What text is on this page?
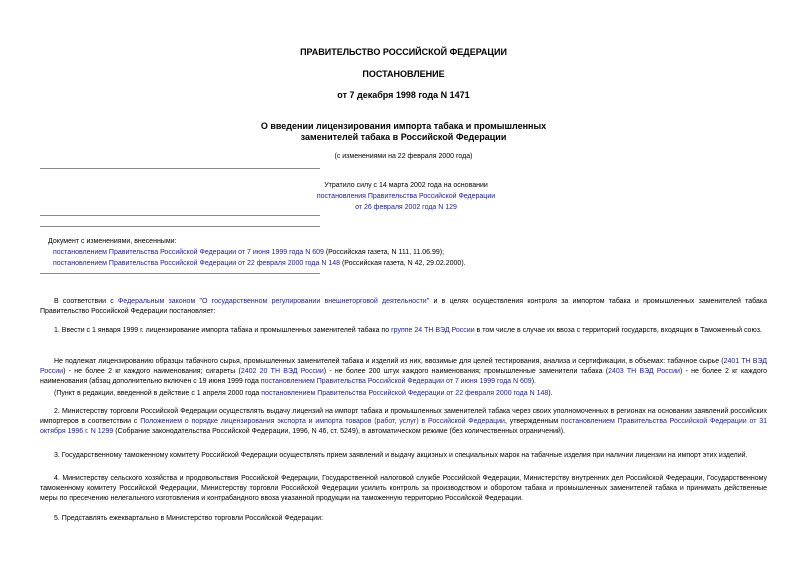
ПРАВИТЕЛЬСТВО РОССИЙСКОЙ ФЕДЕРАЦИИ
ПОСТАНОВЛЕНИЕ
от 7 декабря 1998 года N 1471
О введении лицензирования импорта табака и промышленных
заменителей табака в Российской Федерации
(с изменениями на 22 февраля 2000 года)
Утратило силу с 14 марта 2002 года на основании
постановления Правительства Российской Федерации
от 26 февраля 2002 года N 129
Документ с изменениями, внесенными:
постановлением Правительства Российской Федерации от 7 июня 1999 года N 609 (Российская газета, N 111, 11.06.99);
постановлением Правительства Российской Федерации от 22 февраля 2000 года N 148 (Российская газета, N 42, 29.02.2000).
В соответствии с Федеральным законом "О государственном регулировании внешнеторговой деятельности" и в целях осуществления контроля за импортом табака и промышленных заменителей табака Правительство Российской Федерации постановляет:
1. Ввести с 1 января 1999 г. лицензирование импорта табака и промышленных заменителей табака по группе 24 ТН ВЭД России в том числе в случае их ввоза с территорий государств, входящих в Таможенный союз.
Не подлежат лицензированию образцы табачного сырья, промышленных заменителей табака и изделий из них, ввозимые для целей тестирования, анализа и сертификации, в объемах: табачное сырье (2401 ТН ВЭД России) - не более 2 кг каждого наименования; сигареты (2402 20 ТН ВЭД России) - не более 200 штук каждого наименования; промышленные заменители табака (2403 ТН ВЭД России) - не более 2 кг каждого наименования (абзац дополнительно включен с 19 июня 1999 года постановлением Правительства Российской Федерации от 7 июня 1999 года N 609).
(Пункт в редакции, введенной в действие с 1 апреля 2000 года постановлением Правительства Российской Федерации от 22 февраля 2000 года N 148).
2. Министерству торговли Российской Федерации осуществлять выдачу лицензий на импорт табака и промышленных заменителей табака через своих уполномоченных в регионах на основании заявлений российских импортеров в соответствии с Положением о порядке лицензирования экспорта и импорта товаров (работ, услуг) в Российской Федерации, утвержденным постановлением Правительства Российской Федерации от 31 октября 1996 г. N 1299 (Собрание законодательства Российской Федерации, 1996, N 46, ст. 5249), в автоматическом режиме (без количественных ограничений).
3. Государственному таможенному комитету Российской Федерации осуществлять прием заявлений и выдачу акцизных и специальных марок на табачные изделия при наличии лицензии на импорт этих изделий.
4. Министерству сельского хозяйства и продовольствия Российской Федерации, Государственной налоговой службе Российской Федерации, Министерству внутренних дел Российской Федерации, Государственному таможенному комитету Российской Федерации, Министерству торговли Российской Федерации усилить контроль за производством и оборотом табака и промышленных заменителей табака и принимать действенные меры по пресечению нелегального изготовления и контрабандного ввоза указанной продукции на таможенную территорию Российской Федерации.
5. Представлять ежеквартально в Министерство торговли Российской Федерации:
